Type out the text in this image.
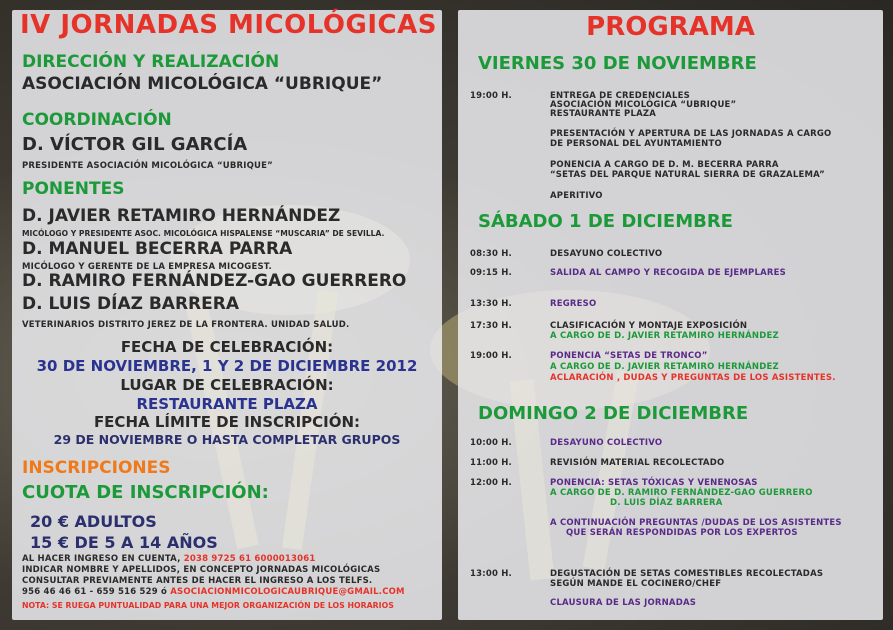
IV JORNADAS MICOLÓGICAS
DIRECCIÓN Y REALIZACIÓN
ASOCIACIÓN MICOLÓGICA “UBRIQUE”
COORDINACIÓN
D. VÍCTOR GIL GARCÍA
PRESIDENTE ASOCIACIÓN MICOLÓGICA “UBRIQUE”
PONENTES
D. JAVIER RETAMIRO HERNÁNDEZ
MICÓLOGO Y PRESIDENTE ASOC. MICOLÓGICA HISPALENSE “MUSCARIA” DE SEVILLA.
D. MANUEL BECERRA PARRA
MICÓLOGO Y GERENTE DE LA EMPRESA MICOGEST.
D. RAMIRO FERNÁNDEZ-GAO GUERRERO
D. LUIS DÍAZ BARRERA
VETERINARIOS DISTRITO JEREZ DE LA FRONTERA. UNIDAD SALUD.
FECHA DE CELEBRACIÓN:
30 DE NOVIEMBRE, 1 Y 2 DE DICIEMBRE 2012
LUGAR DE CELEBRACIÓN:
RESTAURANTE PLAZA
FECHA LÍMITE DE INSCRIPCIÓN:
29 DE NOVIEMBRE O HASTA COMPLETAR GRUPOS
INSCRIPCIONES
CUOTA DE INSCRIPCIÓN:
20 € ADULTOS
15 € DE 5 A 14 AÑOS
AL HACER INGRESO EN CUENTA, 2038 9725 61 6000013061
INDICAR NOMBRE Y APELLIDOS, EN CONCEPTO JORNADAS MICOLÓGICAS
CONSULTAR PREVIAMENTE ANTES DE HACER EL INGRESO A LOS TELFS.
956 46 46 61 - 659 516 529 ó ASOCIACIONMICOLOGICAUBRIQUE@GMAIL.COM
NOTA: SE RUEGA PUNTUALIDAD PARA UNA MEJOR ORGANIZACIÓN DE LOS HORARIOS
PROGRAMA
VIERNES 30 DE NOVIEMBRE
19:00 H.	ENTREGA DE CREDENCIALES
ASOCIACIÓN MICOLÓGICA “UBRIQUE”
RESTAURANTE PLAZA
PRESENTACIÓN Y APERTURA DE LAS JORNADAS A CARGO
DE PERSONAL DEL AYUNTAMIENTO
PONENCIA A CARGO DE D. M. BECERRA PARRA
“SETAS DEL PARQUE NATURAL SIERRA DE GRAZALEMA”
APERITIVO
SÁBADO 1 DE DICIEMBRE
08:30 H.	DESAYUNO COLECTIVO
09:15 H.	SALIDA AL CAMPO Y RECOGIDA DE EJEMPLARES
13:30 H.	REGRESO
17:30 H.	CLASIFICACIÓN Y MONTAJE EXPOSICIÓN
A CARGO DE D. JAVIER RETAMIRO HERNÁNDEZ
19:00 H.	PONENCIA “SETAS DE TRONCO”
A CARGO DE D. JAVIER RETAMIRO HERNÁNDEZ
ACLARACIÓN , DUDAS Y PREGUNTAS DE LOS ASISTENTES.
DOMINGO 2 DE DICIEMBRE
10:00 H.	DESAYUNO COLECTIVO
11:00 H.	REVISIÓN MATERIAL RECOLECTADO
12:00 H.	PONENCIA: SETAS TÓXICAS Y VENENOSAS
A CARGO DE D. RAMIRO FERNÁNDEZ-GAO GUERRERO
D. LUIS DÍAZ BARRERA
A CONTINUACIÓN PREGUNTAS /DUDAS DE LOS ASISTENTES
QUE SERÁN RESPONDIDAS POR LOS EXPERTOS
13:00 H.	DEGUSTACIÓN DE SETAS COMESTIBLES RECOLECTADAS
SEGÚN MANDE EL COCINERO/CHEF
CLAUSURA DE LAS JORNADAS
